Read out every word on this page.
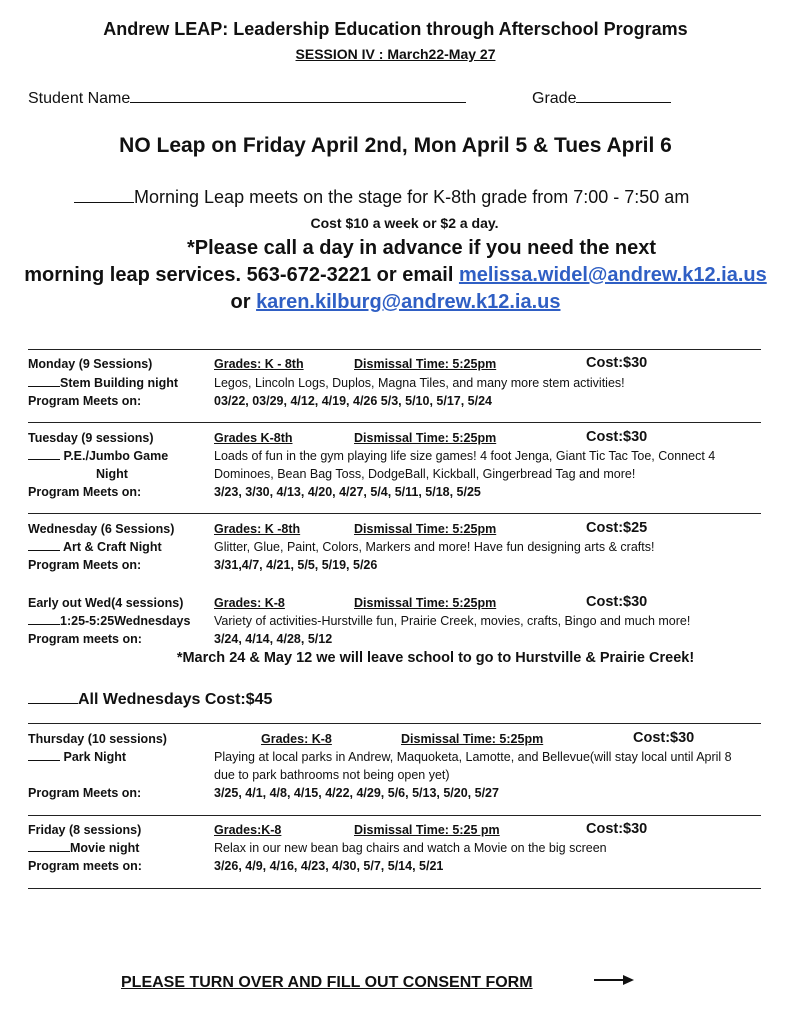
Andrew LEAP: Leadership Education through Afterschool Programs
SESSION IV : March22-May 27
Student Name	Grade
NO Leap on Friday April 2nd, Mon April 5 & Tues April 6
Morning Leap meets on the stage for K-8th grade from 7:00 - 7:50 am
Cost $10 a week or $2 a day.
*Please call a day in advance if you need the next
morning leap services. 563-672-3221 or email melissa.widel@andrew.k12.ia.us
or karen.kilburg@andrew.k12.ia.us
Monday (9 Sessions)	Grades: K - 8th	Dismissal Time: 5:25pm	Cost:$30
Stem Building night	Legos, Lincoln Logs, Duplos, Magna Tiles, and many more stem activities!
Program Meets on:	03/22, 03/29, 4/12, 4/19, 4/26 5/3, 5/10, 5/17, 5/24
Tuesday (9 sessions)	Grades K-8th	Dismissal Time: 5:25pm	Cost:$30
P.E./Jumbo Game
Night
Loads of fun in the gym playing life size games! 4 foot Jenga, Giant Tic Tac Toe, Connect 4
Dominoes, Bean Bag Toss, DodgeBall, Kickball, Gingerbread Tag and more!
Program Meets on:	3/23, 3/30, 4/13, 4/20, 4/27, 5/4, 5/11, 5/18, 5/25
Wednesday (6 Sessions)	Grades: K -8th	Dismissal Time: 5:25pm	Cost:$25
Art & Craft Night	Glitter, Glue, Paint, Colors, Markers and more! Have fun designing arts & crafts!
Program Meets on:	3/31,4/7, 4/21, 5/5, 5/19, 5/26
Early out Wed(4 sessions) Grades: K-8	Dismissal Time: 5:25pm	Cost:$30
1:25-5:25Wednesdays Variety of activities-Hurstville fun, Prairie Creek, movies, crafts, Bingo and much more!
Program meets on:	3/24, 4/14, 4/28, 5/12
*March 24 & May 12 we will leave school to go to Hurstville & Prairie Creek!
All Wednesdays Cost:$45
Thursday (10 sessions)	Grades: K-8	Dismissal Time: 5:25pm	Cost:$30
Park Night	Playing at local parks in Andrew, Maquoketa, Lamotte, and Bellevue(will stay local until April 8
due to park bathrooms not being open yet)
Program Meets on:	3/25, 4/1, 4/8, 4/15, 4/22, 4/29, 5/6, 5/13, 5/20, 5/27
Friday (8 sessions)	Grades:K-8	Dismissal Time: 5:25 pm	Cost:$30
Movie night	Relax in our new bean bag chairs and watch a Movie on the big screen
Program meets on:	3/26, 4/9, 4/16, 4/23, 4/30, 5/7, 5/14, 5/21
PLEASE TURN OVER AND FILL OUT CONSENT FORM
